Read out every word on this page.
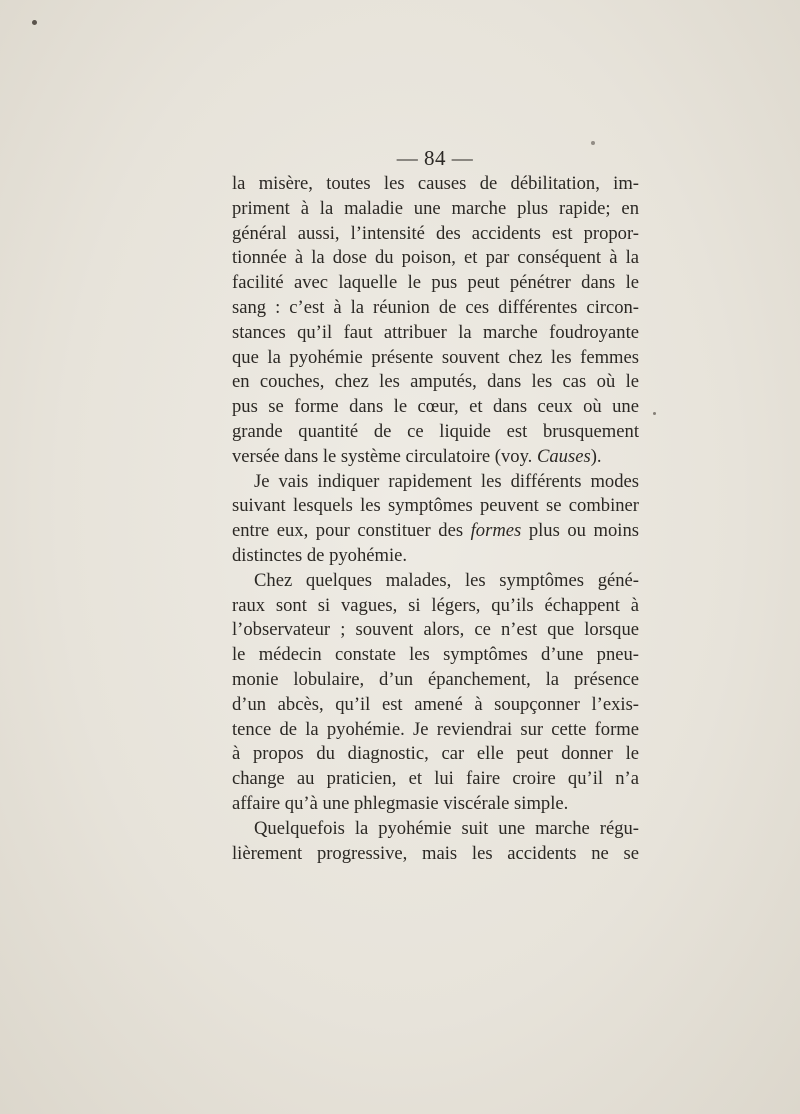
— 84 —
la misère, toutes les causes de débilitation, im-
priment à la maladie une marche plus rapide; en
général aussi, l’intensité des accidents est propor-
tionnée à la dose du poison, et par conséquent à la
facilité avec laquelle le pus peut pénétrer dans le
sang : c’est à la réunion de ces différentes circon-
stances qu’il faut attribuer la marche foudroyante
que la pyohémie présente souvent chez les femmes
en couches, chez les amputés, dans les cas où le
pus se forme dans le cœur, et dans ceux où une
grande quantité de ce liquide est brusquement
versée dans le système circulatoire (voy. Causes).
Je vais indiquer rapidement les différents modes
suivant lesquels les symptômes peuvent se combiner
entre eux, pour constituer des formes plus ou moins
distinctes de pyohémie.
Chez quelques malades, les symptômes géné-
raux sont si vagues, si légers, qu’ils échappent à
l’observateur ; souvent alors, ce n’est que lorsque
le médecin constate les symptômes d’une pneu-
monie lobulaire, d’un épanchement, la présence
d’un abcès, qu’il est amené à soupçonner l’exis-
tence de la pyohémie. Je reviendrai sur cette forme
à propos du diagnostic, car elle peut donner le
change au praticien, et lui faire croire qu’il n’a
affaire qu’à une phlegmasie viscérale simple.
Quelquefois la pyohémie suit une marche régu-
lièrement progressive, mais les accidents ne se
